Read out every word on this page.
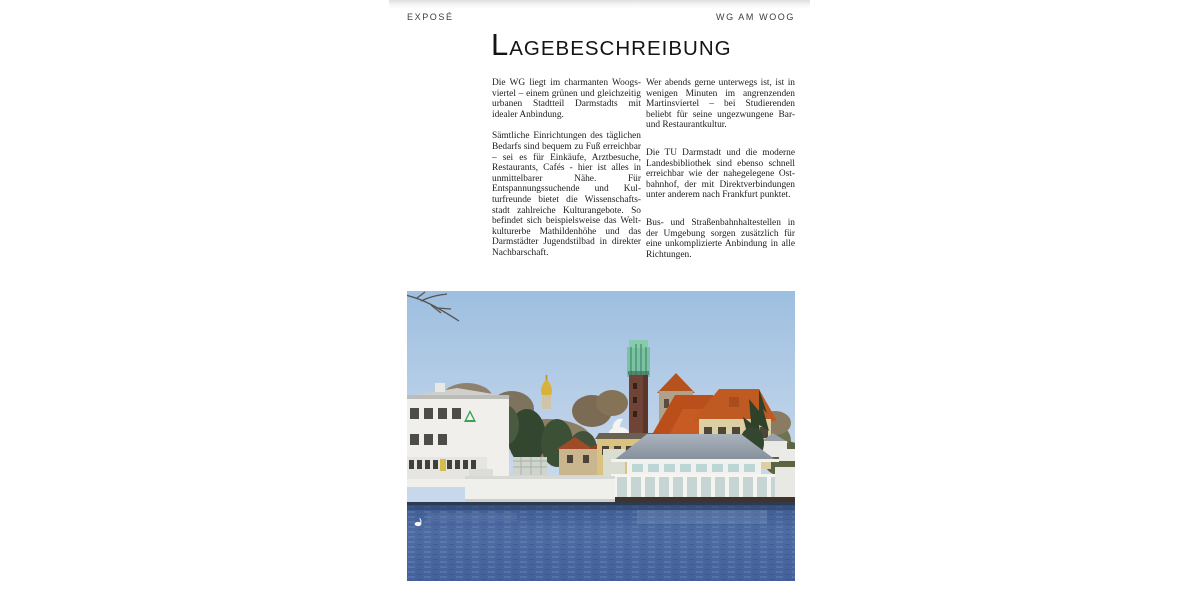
EXPOSÉ	WG AM WOOG
LAGEBESCHREIBUNG

Die WG liegt im charmanten Woogsviertel – einem grünen und gleichzeitig urbanen Stadtteil Darmstadts mit idealer Anbindung.

Sämtliche Einrichtungen des täglichen Bedarfs sind bequem zu Fuß erreichbar – sei es für Einkäufe, Arztbesuche, Restaurants, Cafés - hier ist alles in unmittelbarer Nähe. Für Entspannungssuchende und Kulturfreunde bietet die Wissenschaftsstadt zahlreiche Kulturangebote. So befindet sich beispielsweise das Weltkulturerbe Mathildenhöhe und das Darmstädter Jugendstilbad in direkter Nachbarschaft.

Wer abends gerne unterwegs ist, ist in wenigen Minuten im angrenzenden Martinsviertel – bei Studierenden beliebt für seine ungezwungene Bar- und Restaurantkultur.

Die TU Darmstadt und die moderne Landesbibliothek sind ebenso schnell erreichbar wie der nahegelegene Ostbahnhof, der mit Direktverbindungen unter anderem nach Frankfurt punktet.

Bus- und Straßenbahnhaltestellen in der Umgebung sorgen zusätzlich für eine unkomplizierte Anbindung in alle Richtungen.
